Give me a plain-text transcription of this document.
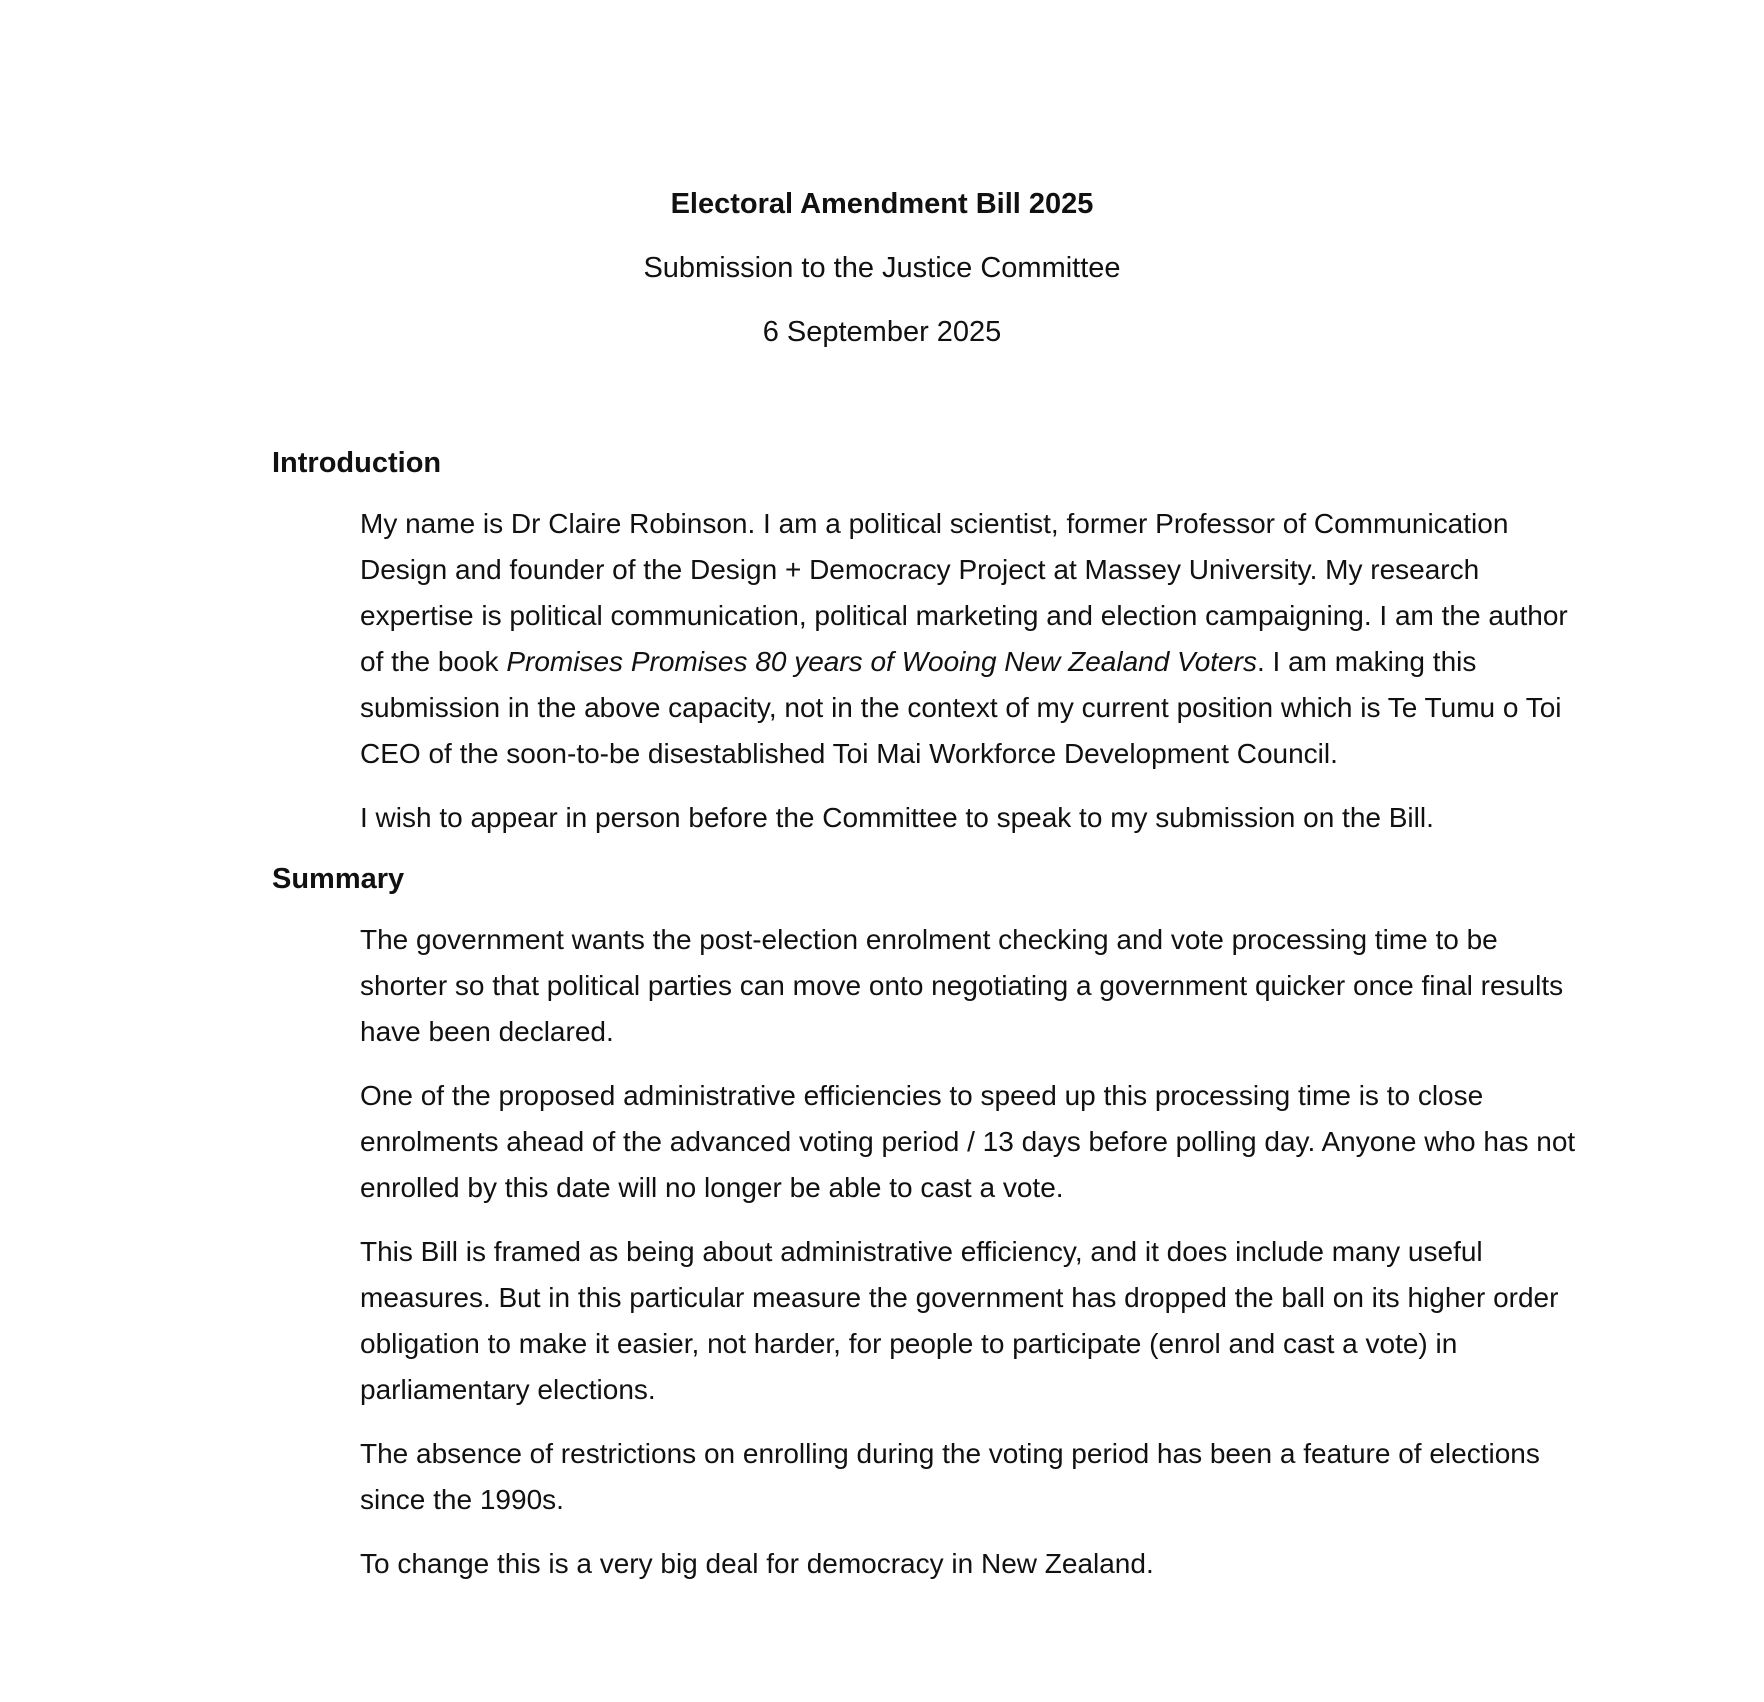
Electoral Amendment Bill 2025

Submission to the Justice Committee

6 September 2025

Introduction

My name is Dr Claire Robinson. I am a political scientist, former Professor of Communication Design and founder of the Design + Democracy Project at Massey University. My research expertise is political communication, political marketing and election campaigning. I am the author of the book Promises Promises 80 years of Wooing New Zealand Voters. I am making this submission in the above capacity, not in the context of my current position which is Te Tumu o Toi CEO of the soon-to-be disestablished Toi Mai Workforce Development Council.

I wish to appear in person before the Committee to speak to my submission on the Bill.

Summary

The government wants the post-election enrolment checking and vote processing time to be shorter so that political parties can move onto negotiating a government quicker once final results have been declared.

One of the proposed administrative efficiencies to speed up this processing time is to close enrolments ahead of the advanced voting period / 13 days before polling day. Anyone who has not enrolled by this date will no longer be able to cast a vote.

This Bill is framed as being about administrative efficiency, and it does include many useful measures. But in this particular measure the government has dropped the ball on its higher order obligation to make it easier, not harder, for people to participate (enrol and cast a vote) in parliamentary elections.

The absence of restrictions on enrolling during the voting period has been a feature of elections since the 1990s.

To change this is a very big deal for democracy in New Zealand.
